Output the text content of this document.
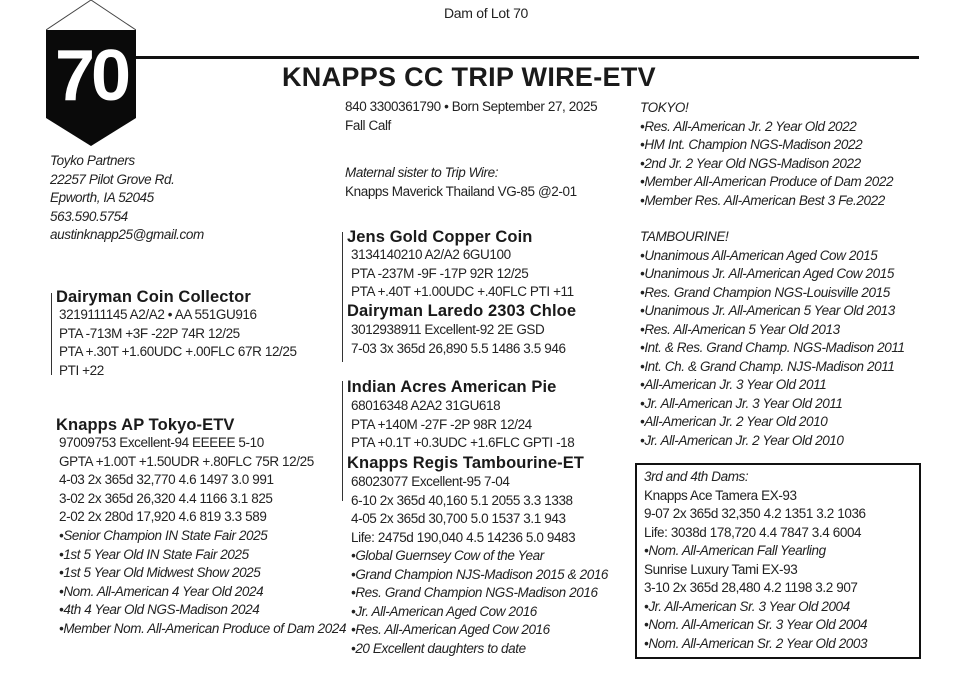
Dam of Lot 70
70	KNAPPS CC TRIP WIRE-ETV
Toyko Partners
22257 Pilot Grove Rd.
Epworth, IA 52045
563.590.5754
austinknapp25@gmail.com
840 3300361790 • Born September 27, 2025
Fall Calf
Maternal sister to Trip Wire:
Knapps Maverick Thailand VG-85 @2-01
Dairyman Coin Collector
3219111145 A2/A2 • AA 551GU916
PTA -713M +3F -22P 74R 12/25
PTA +.30T +1.60UDC +.00FLC 67R 12/25
PTI +22
Knapps AP Tokyo-ETV
97009753 Excellent-94 EEEEE 5-10
GPTA +1.00T +1.50UDR +.80FLC 75R 12/25
4-03 2x 365d 32,770 4.6 1497 3.0 991
3-02 2x 365d 26,320 4.4 1166 3.1 825
2-02 2x 280d 17,920 4.6 819 3.3 589
•Senior Champion IN State Fair 2025
•1st 5 Year Old IN State Fair 2025
•1st 5 Year Old Midwest Show 2025
•Nom. All-American 4 Year Old 2024
•4th 4 Year Old NGS-Madison 2024
•Member Nom. All-American Produce of Dam 2024
Jens Gold Copper Coin
3134140210 A2/A2 6GU100
PTA -237M -9F -17P 92R 12/25
PTA +.40T +1.00UDC +.40FLC PTI +11
Dairyman Laredo 2303 Chloe
3012938911 Excellent-92 2E GSD
7-03 3x 365d 26,890 5.5 1486 3.5 946
Indian Acres American Pie
68016348 A2A2 31GU618
PTA +140M -27F -2P 98R 12/24
PTA +0.1T +0.3UDC +1.6FLC GPTI -18
Knapps Regis Tambourine-ET
68023077 Excellent-95 7-04
6-10 2x 365d 40,160 5.1 2055 3.3 1338
4-05 2x 365d 30,700 5.0 1537 3.1 943
Life: 2475d 190,040 4.5 14236 5.0 9483
•Global Guernsey Cow of the Year
•Grand Champion NJS-Madison 2015 & 2016
•Res. Grand Champion NGS-Madison 2016
•Jr. All-American Aged Cow 2016
•Res. All-American Aged Cow 2016
•20 Excellent daughters to date
TOKYO!
•Res. All-American Jr. 2 Year Old 2022
•HM Int. Champion NGS-Madison 2022
•2nd Jr. 2 Year Old NGS-Madison 2022
•Member All-American Produce of Dam 2022
•Member Res. All-American Best 3 Fe.2022
TAMBOURINE!
•Unanimous All-American Aged Cow 2015
•Unanimous Jr. All-American Aged Cow 2015
•Res. Grand Champion NGS-Louisville 2015
•Unanimous Jr. All-American 5 Year Old 2013
•Res. All-American 5 Year Old 2013
•Int. & Res. Grand Champ. NGS-Madison 2011
•Int. Ch. & Grand Champ. NJS-Madison 2011
•All-American Jr. 3 Year Old 2011
•Jr. All-American Jr. 3 Year Old 2011
•All-American Jr. 2 Year Old 2010
•Jr. All-American Jr. 2 Year Old 2010
3rd and 4th Dams:
Knapps Ace Tamera EX-93
9-07 2x 365d 32,350 4.2 1351 3.2 1036
Life: 3038d 178,720 4.4 7847 3.4 6004
•Nom. All-American Fall Yearling
Sunrise Luxury Tami EX-93
3-10 2x 365d 28,480 4.2 1198 3.2 907
•Jr. All-American Sr. 3 Year Old 2004
•Nom. All-American Sr. 3 Year Old 2004
•Nom. All-American Sr. 2 Year Old 2003
